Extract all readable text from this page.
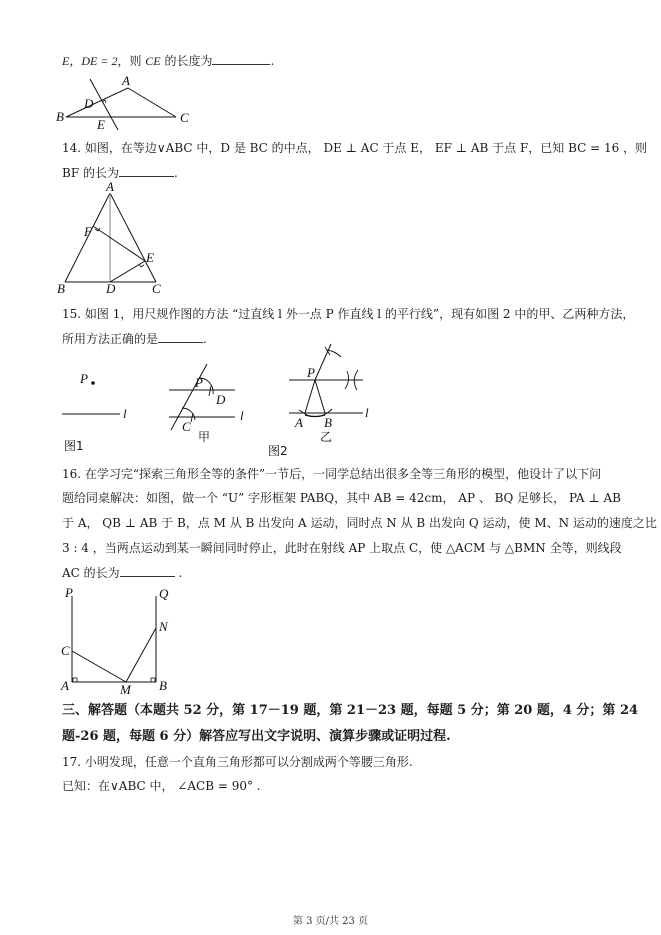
E，DE = 2，则 CE 的长度为	.
A
B	C
D
E
14. 如图，在等边∨ABC 中，D 是 BC 的中点， DE ⊥ AC 于点 E， EF ⊥ AB 于点 F，已知 BC = 16 ，则
BF 的长为	.
A
B	D	C
E
F
15. 如图 1，用尺规作图的方法 “过直线 l 外一点 P 作直线 l 的平行线”，现有如图 2 中的甲、乙两种方法，
所用方法正确的是	.
P
l
图1
P
D
C
l
甲
P
A B
l
乙
图2
16. 在学习完“探索三角形全等的条件”一节后，一同学总结出很多全等三角形的模型，他设计了以下问
题给同桌解决：如图，做一个 “U” 字形框架 PABQ，其中 AB = 42cm， AP 、 BQ 足够长， PA ⊥ AB
于 A， QB ⊥ AB 于 B，点 M 从 B 出发向 A 运动，同时点 N 从 B 出发向 Q 运动，使 M、N 运动的速度之比
3 : 4 ，当两点运动到某一瞬间同时停止，此时在射线 AP 上取点 C，使 △ACM 与 △BMN 全等，则线段
AC 的长为	.
P	Q
N
C
A	M B
三、解答题（本题共 52 分，第 17－19 题，第 21－23 题，每题 5 分；第 20 题，4 分；第 24
题-26 题，每题 6 分）解答应写出文字说明、演算步骤或证明过程.
17. 小明发现，任意一个直角三角形都可以分割成两个等腰三角形.
已知：在∨ABC 中， ∠ACB = 90° .
第 3 页/共 23 页
